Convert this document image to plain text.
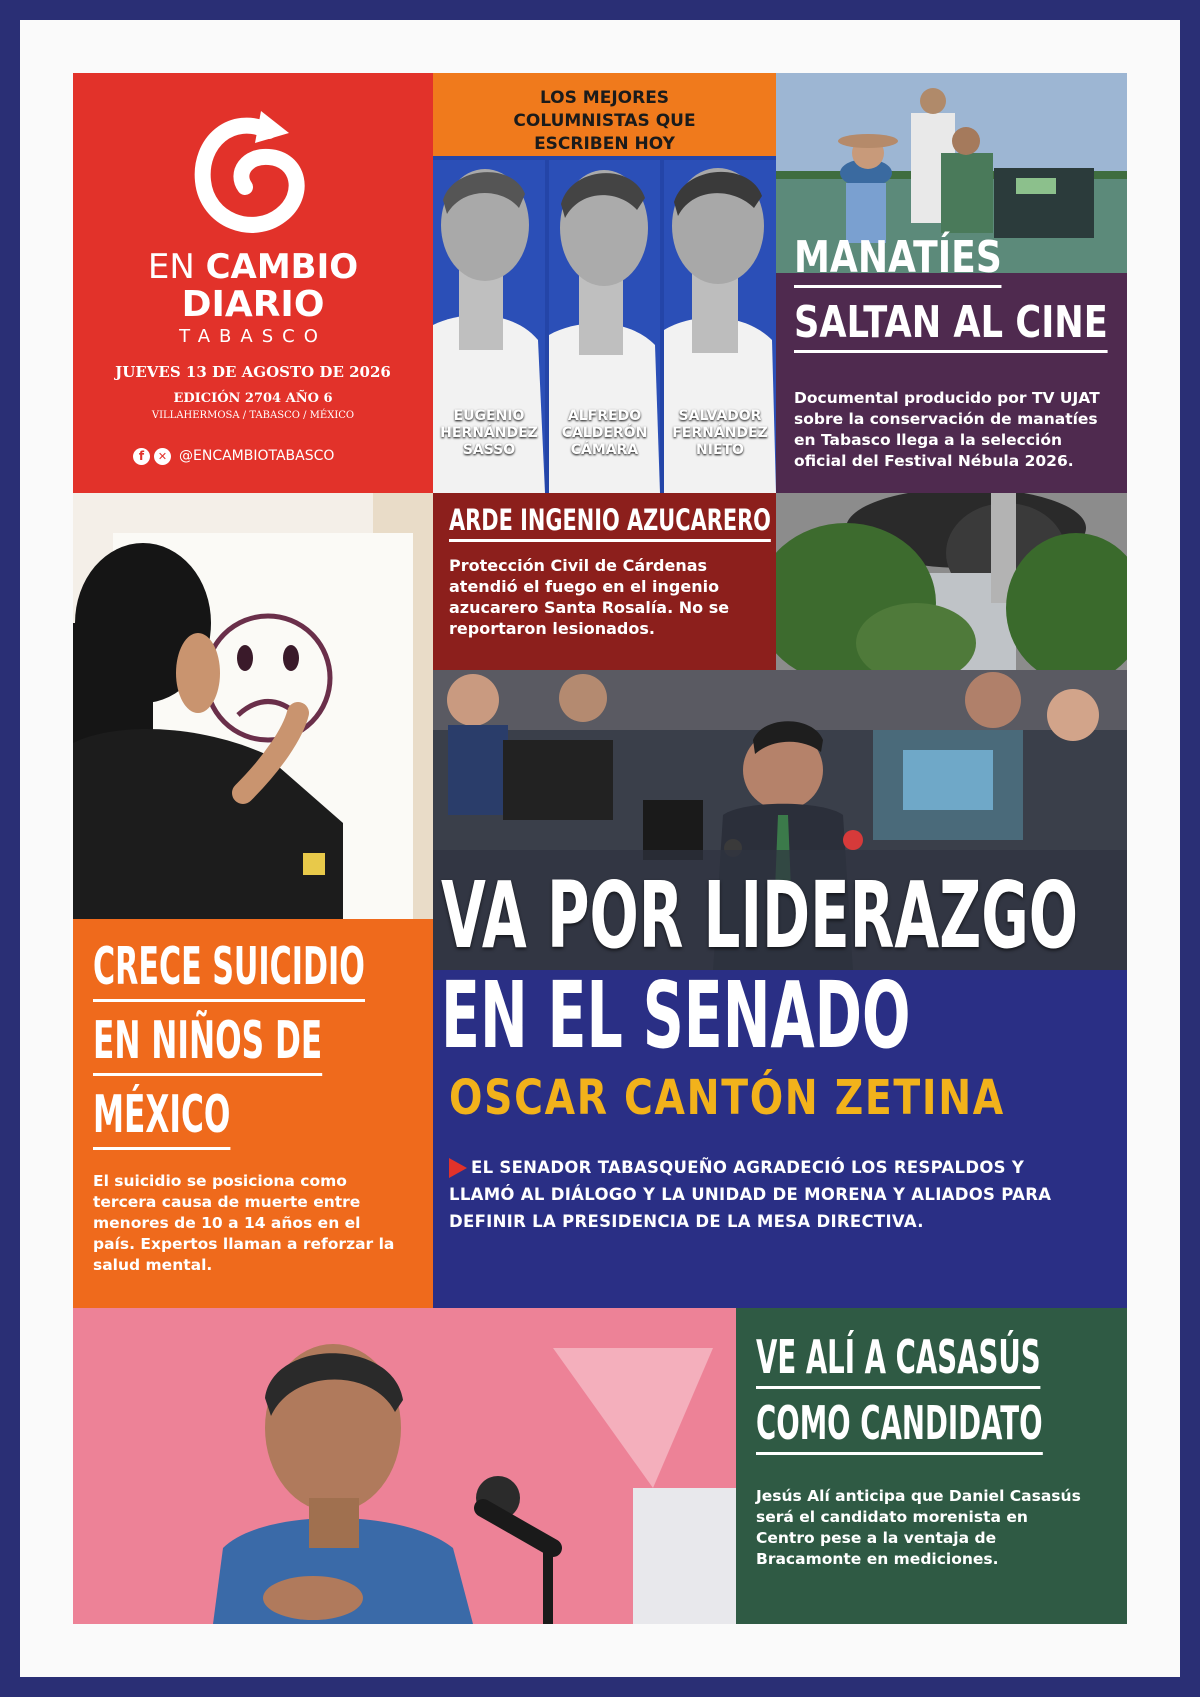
EN CAMBIO
DIARIO
TABASCO
JUEVES 13 DE AGOSTO DE 2026
EDICIÓN 2704 AÑO 6
VILLAHERMOSA / TABASCO / MÉXICO
f	✕ @ENCAMBIOTABASCO
LOS MEJORES COLUMNISTAS QUE ESCRIBEN HOY
EUGENIO
HERNÁNDEZ
SASSO
ALFREDO
CALDERÓN
CÁMARA
SALVADOR
FERNÁNDEZ
NIETO
MANATÍES
SALTAN AL CINE

Documental producido por TV UJAT sobre la conservación de manatíes en Tabasco llega a la selección oficial del Festival Nébula 2026.

ARDE INGENIO AZUCARERO

Protección Civil de Cárdenas atendió el fuego en el ingenio azucarero Santa Rosalía. No se reportaron lesionados.

VA POR LIDERAZGO
CRECE SUICIDIO
EN NIÑOS DE
MÉXICO

El suicidio se posiciona como tercera causa de muerte entre menores de 10 a 14 años en el país. Expertos llaman a reforzar la salud mental.

EN EL SENADO
OSCAR CANTÓN ZETINA

EL SENADOR TABASQUEÑO AGRADECIÓ LOS RESPALDOS Y LLAMÓ AL DIÁLOGO Y LA UNIDAD DE MORENA Y ALIADOS PARA DEFINIR LA PRESIDENCIA DE LA MESA DIRECTIVA.

VE ALÍ A CASASÚS
COMO CANDIDATO

Jesús Alí anticipa que Daniel Casasús será el candidato morenista en Centro pese a la ventaja de Bracamonte en mediciones.
